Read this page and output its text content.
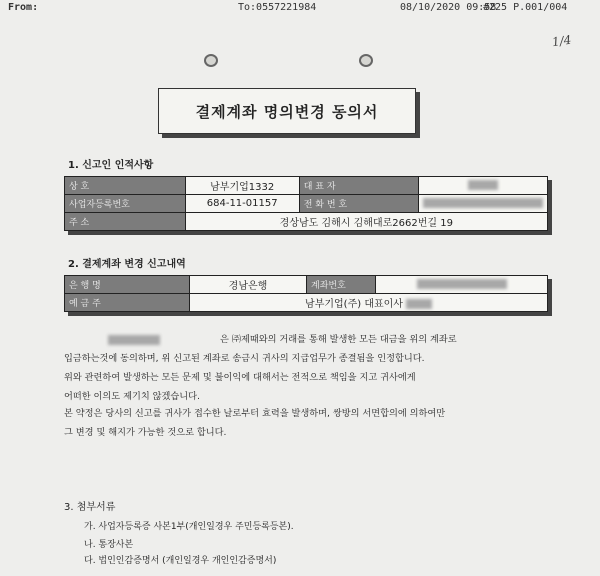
From:	To:0557221984	08/10/2020 09:58
#225 P.001/004
1/4
결제계좌 명의변경 동의서
1. 신고인 인적사항
상 호	남부기업1332	대 표 자	
사업자등록번호	684-11-01157	전 화 번 호	
주 소	경상남도 김해시 김해대로2662번길 19		
2. 결제계좌 변경 신고내역
은 행 명	경남은행	계좌번호	
예 금 주	남부기업(주) 대표이사		
은 ㈜제때와의 거래를 통해 발생한 모든 대금을 위의 계좌로
입금하는것에 동의하며, 위 신고된 계좌로 송금시 귀사의 지급업무가 종결됨을 인정합니다.
위와 관련하여 발생하는 모든 문제 및 불이익에 대해서는 전적으로 책임을 지고 귀사에게
어떠한 이의도 제기치 않겠습니다.
본 약정은 당사의 신고를 귀사가 접수한 날로부터 효력을 발생하며, 쌍방의 서면합의에 의하여만
그 변경 및 해지가 가능한 것으로 합니다.
3. 첨부서류
가. 사업자등록증 사본1부(개인일경우 주민등록등본).
나. 통장사본
다. 법인인감증명서 (개인일경우 개인인감증명서)
